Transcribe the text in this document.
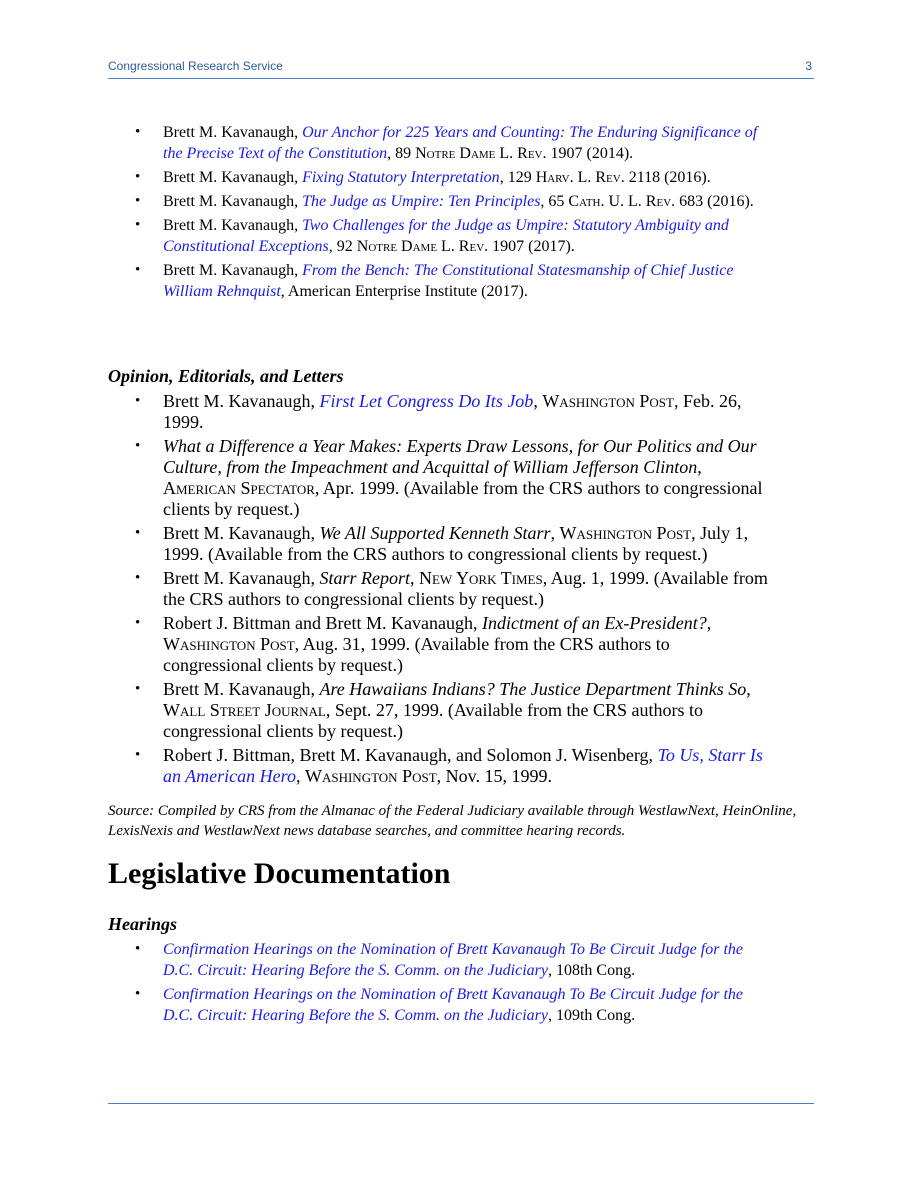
Congressional Research Service	3
• Brett M. Kavanaugh, Our Anchor for 225 Years and Counting: The Enduring Significance of the Precise Text of the Constitution, 89 Notre Dame L. Rev. 1907 (2014).
• Brett M. Kavanaugh, Fixing Statutory Interpretation, 129 Harv. L. Rev. 2118 (2016).
• Brett M. Kavanaugh, The Judge as Umpire: Ten Principles, 65 Cath. U. L. Rev. 683 (2016).
• Brett M. Kavanaugh, Two Challenges for the Judge as Umpire: Statutory Ambiguity and Constitutional Exceptions, 92 Notre Dame L. Rev. 1907 (2017).
• Brett M. Kavanaugh, From the Bench: The Constitutional Statesmanship of Chief Justice William Rehnquist, American Enterprise Institute (2017).
Opinion, Editorials, and Letters
• Brett M. Kavanaugh, First Let Congress Do Its Job, Washington Post, Feb. 26, 1999.
• What a Difference a Year Makes: Experts Draw Lessons, for Our Politics and Our Culture, from the Impeachment and Acquittal of William Jefferson Clinton, American Spectator, Apr. 1999. (Available from the CRS authors to congressional clients by request.)
• Brett M. Kavanaugh, We All Supported Kenneth Starr, Washington Post, July 1, 1999. (Available from the CRS authors to congressional clients by request.)
• Brett M. Kavanaugh, Starr Report, New York Times, Aug. 1, 1999. (Available from the CRS authors to congressional clients by request.)
• Robert J. Bittman and Brett M. Kavanaugh, Indictment of an Ex-President?, Washington Post, Aug. 31, 1999. (Available from the CRS authors to congressional clients by request.)
• Brett M. Kavanaugh, Are Hawaiians Indians? The Justice Department Thinks So, Wall Street Journal, Sept. 27, 1999. (Available from the CRS authors to congressional clients by request.)
• Robert J. Bittman, Brett M. Kavanaugh, and Solomon J. Wisenberg, To Us, Starr Is an American Hero, Washington Post, Nov. 15, 1999.
Source: Compiled by CRS from the Almanac of the Federal Judiciary available through WestlawNext, HeinOnline, LexisNexis and WestlawNext news database searches, and committee hearing records.
Legislative Documentation
Hearings
• Confirmation Hearings on the Nomination of Brett Kavanaugh To Be Circuit Judge for the D.C. Circuit: Hearing Before the S. Comm. on the Judiciary, 108th Cong.
• Confirmation Hearings on the Nomination of Brett Kavanaugh To Be Circuit Judge for the D.C. Circuit: Hearing Before the S. Comm. on the Judiciary, 109th Cong.
